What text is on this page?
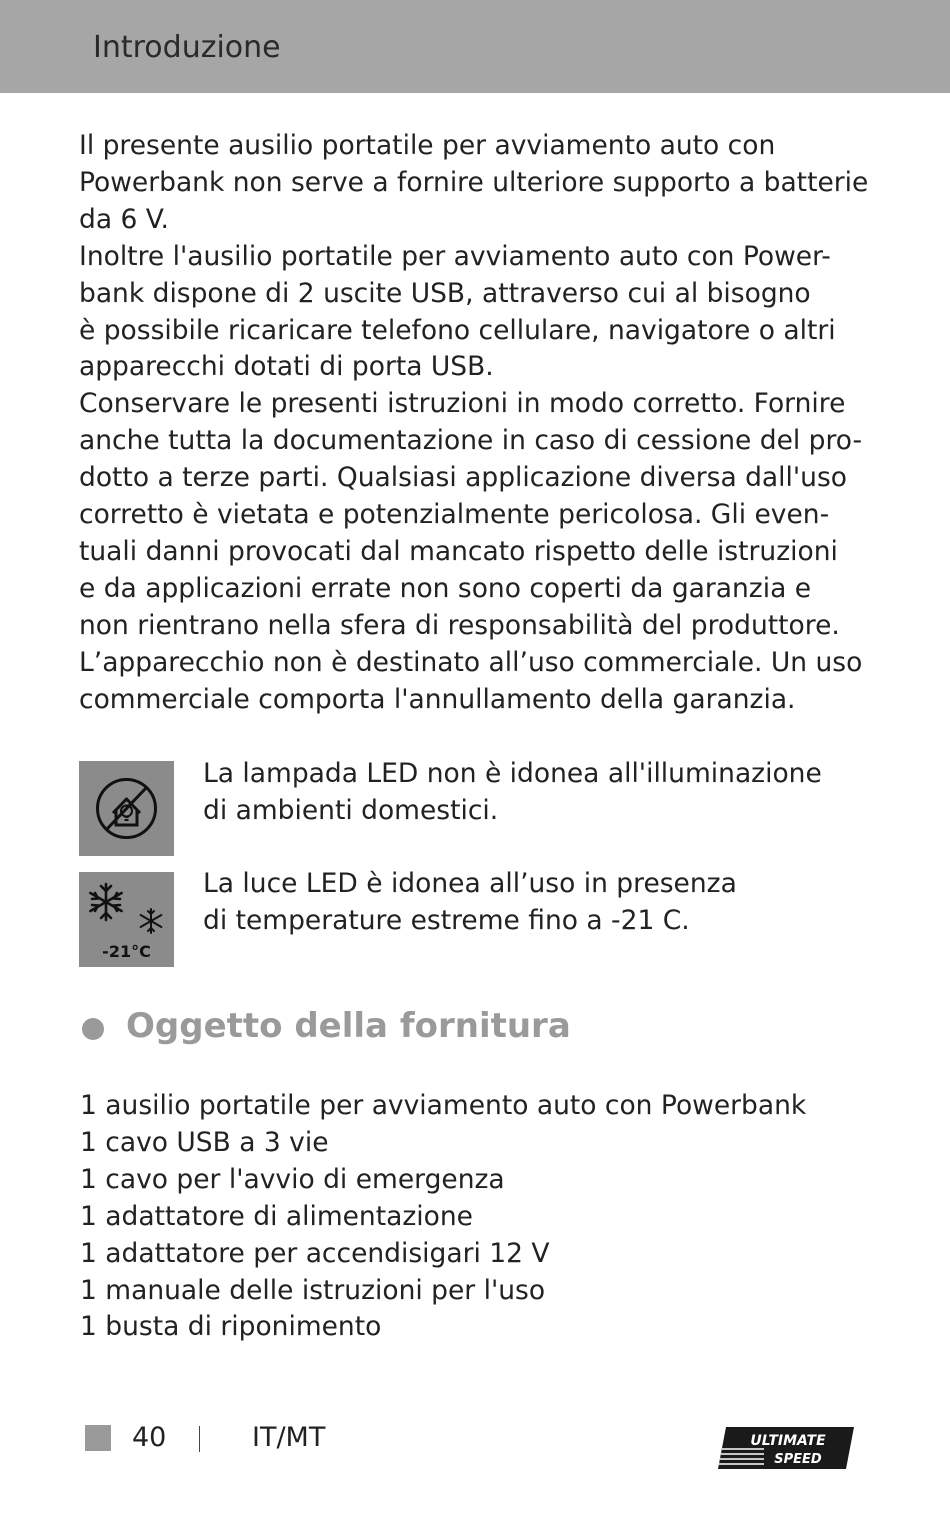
Introduzione
Il presente ausilio portatile per avviamento auto con
Powerbank non serve a fornire ulteriore supporto a batterie
da 6 V.
Inoltre l'ausilio portatile per avviamento auto con Power-
bank dispone di 2 uscite USB, attraverso cui al bisogno
è possibile ricaricare telefono cellulare, navigatore o altri
apparecchi dotati di porta USB.
Conservare le presenti istruzioni in modo corretto. Fornire
anche tutta la documentazione in caso di cessione del pro-
dotto a terze parti. Qualsiasi applicazione diversa dall'uso
corretto è vietata e potenzialmente pericolosa. Gli even-
tuali danni provocati dal mancato rispetto delle istruzioni
e da applicazioni errate non sono coperti da garanzia e
non rientrano nella sfera di responsabilità del produttore.
L’apparecchio non è destinato all’uso commerciale. Un uso
commerciale comporta l'annullamento della garanzia.
La lampada LED non è idonea all'illuminazione
di ambienti domestici.
-21°C
La luce LED è idonea all’uso in presenza
di temperature estreme fino a -21 C.
Oggetto della fornitura
1 ausilio portatile per avviamento auto con Powerbank
1 cavo USB a 3 vie
1 cavo per l'avvio di emergenza
1 adattatore di alimentazione
1 adattatore per accendisigari 12 V
1 manuale delle istruzioni per l'uso
1 busta di riponimento
40	IT/MT	ULTIMATE
SPEED
